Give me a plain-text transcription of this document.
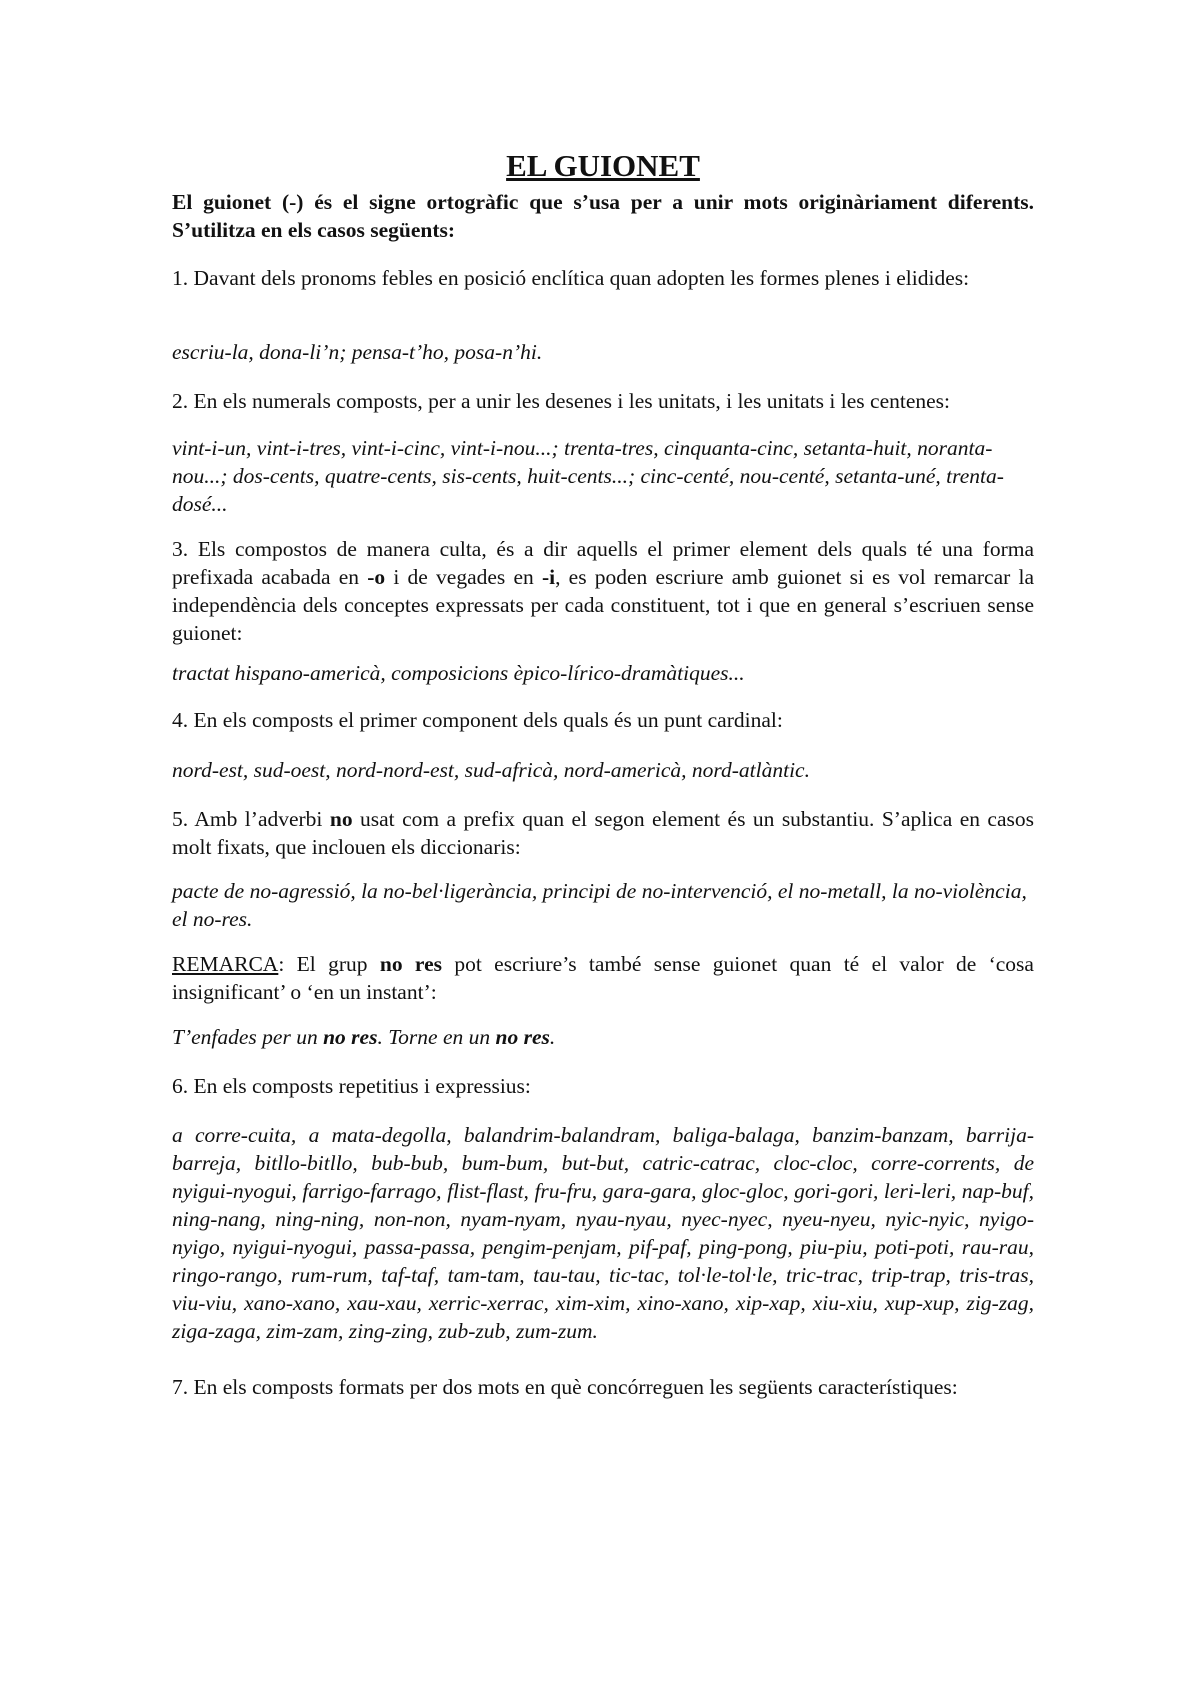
EL GUIONET

El guionet (-) és el signe ortogràfic que s’usa per a unir mots originàriament diferents. S’utilitza en els casos següents:

1. Davant dels pronoms febles en posició enclítica quan adopten les formes plenes i elidides:

escriu-la, dona-li’n; pensa-t’ho, posa-n’hi.

2. En els numerals composts, per a unir les desenes i les unitats, i les unitats i les centenes:

vint-i-un, vint-i-tres, vint-i-cinc, vint-i-nou...; trenta-tres, cinquanta-cinc, setanta-huit, noranta-nou...; dos-cents, quatre-cents, sis-cents, huit-cents...; cinc-centé, nou-centé, setanta-uné, trenta-dosé...

3. Els compostos de manera culta, és a dir aquells el primer element dels quals té una forma prefixada acabada en -o i de vegades en -i, es poden escriure amb guionet si es vol remarcar la independència dels conceptes expressats per cada constituent, tot i que en general s’escriuen sense guionet:

tractat hispano-americà, composicions èpico-lírico-dramàtiques...

4. En els composts el primer component dels quals és un punt cardinal:

nord-est, sud-oest, nord-nord-est, sud-africà, nord-americà, nord-atlàntic.

5. Amb l’adverbi no usat com a prefix quan el segon element és un substantiu. S’aplica en casos molt fixats, que inclouen els diccionaris:

pacte de no-agressió, la no-bel·ligerància, principi de no-intervenció, el no-metall, la no-violència, el no-res.

REMARCA: El grup no res pot escriure’s també sense guionet quan té el valor de ‘cosa insignificant’ o ‘en un instant’:

T’enfades per un no res. Torne en un no res.

6. En els composts repetitius i expressius:

a corre-cuita, a mata-degolla, balandrim-balandram, baliga-balaga, banzim-banzam, barrija-barreja, bitllo-bitllo, bub-bub, bum-bum, but-but, catric-catrac, cloc-cloc, corre-corrents, de nyigui-nyogui, farrigo-farrago, flist-flast, fru-fru, gara-gara, gloc-gloc, gori-gori, leri-leri, nap-buf, ning-nang, ning-ning, non-non, nyam-nyam, nyau-nyau, nyec-nyec, nyeu-nyeu, nyic-nyic, nyigo-nyigo, nyigui-nyogui, passa-passa, pengim-penjam, pif-paf, ping-pong, piu-piu, poti-poti, rau-rau, ringo-rango, rum-rum, taf-taf, tam-tam, tau-tau, tic-tac, tol·le-tol·le, tric-trac, trip-trap, tris-tras, viu-viu, xano-xano, xau-xau, xerric-xerrac, xim-xim, xino-xano, xip-xap, xiu-xiu, xup-xup, zig-zag, ziga-zaga, zim-zam, zing-zing, zub-zub, zum-zum.

7. En els composts formats per dos mots en què concórreguen les següents característiques:
